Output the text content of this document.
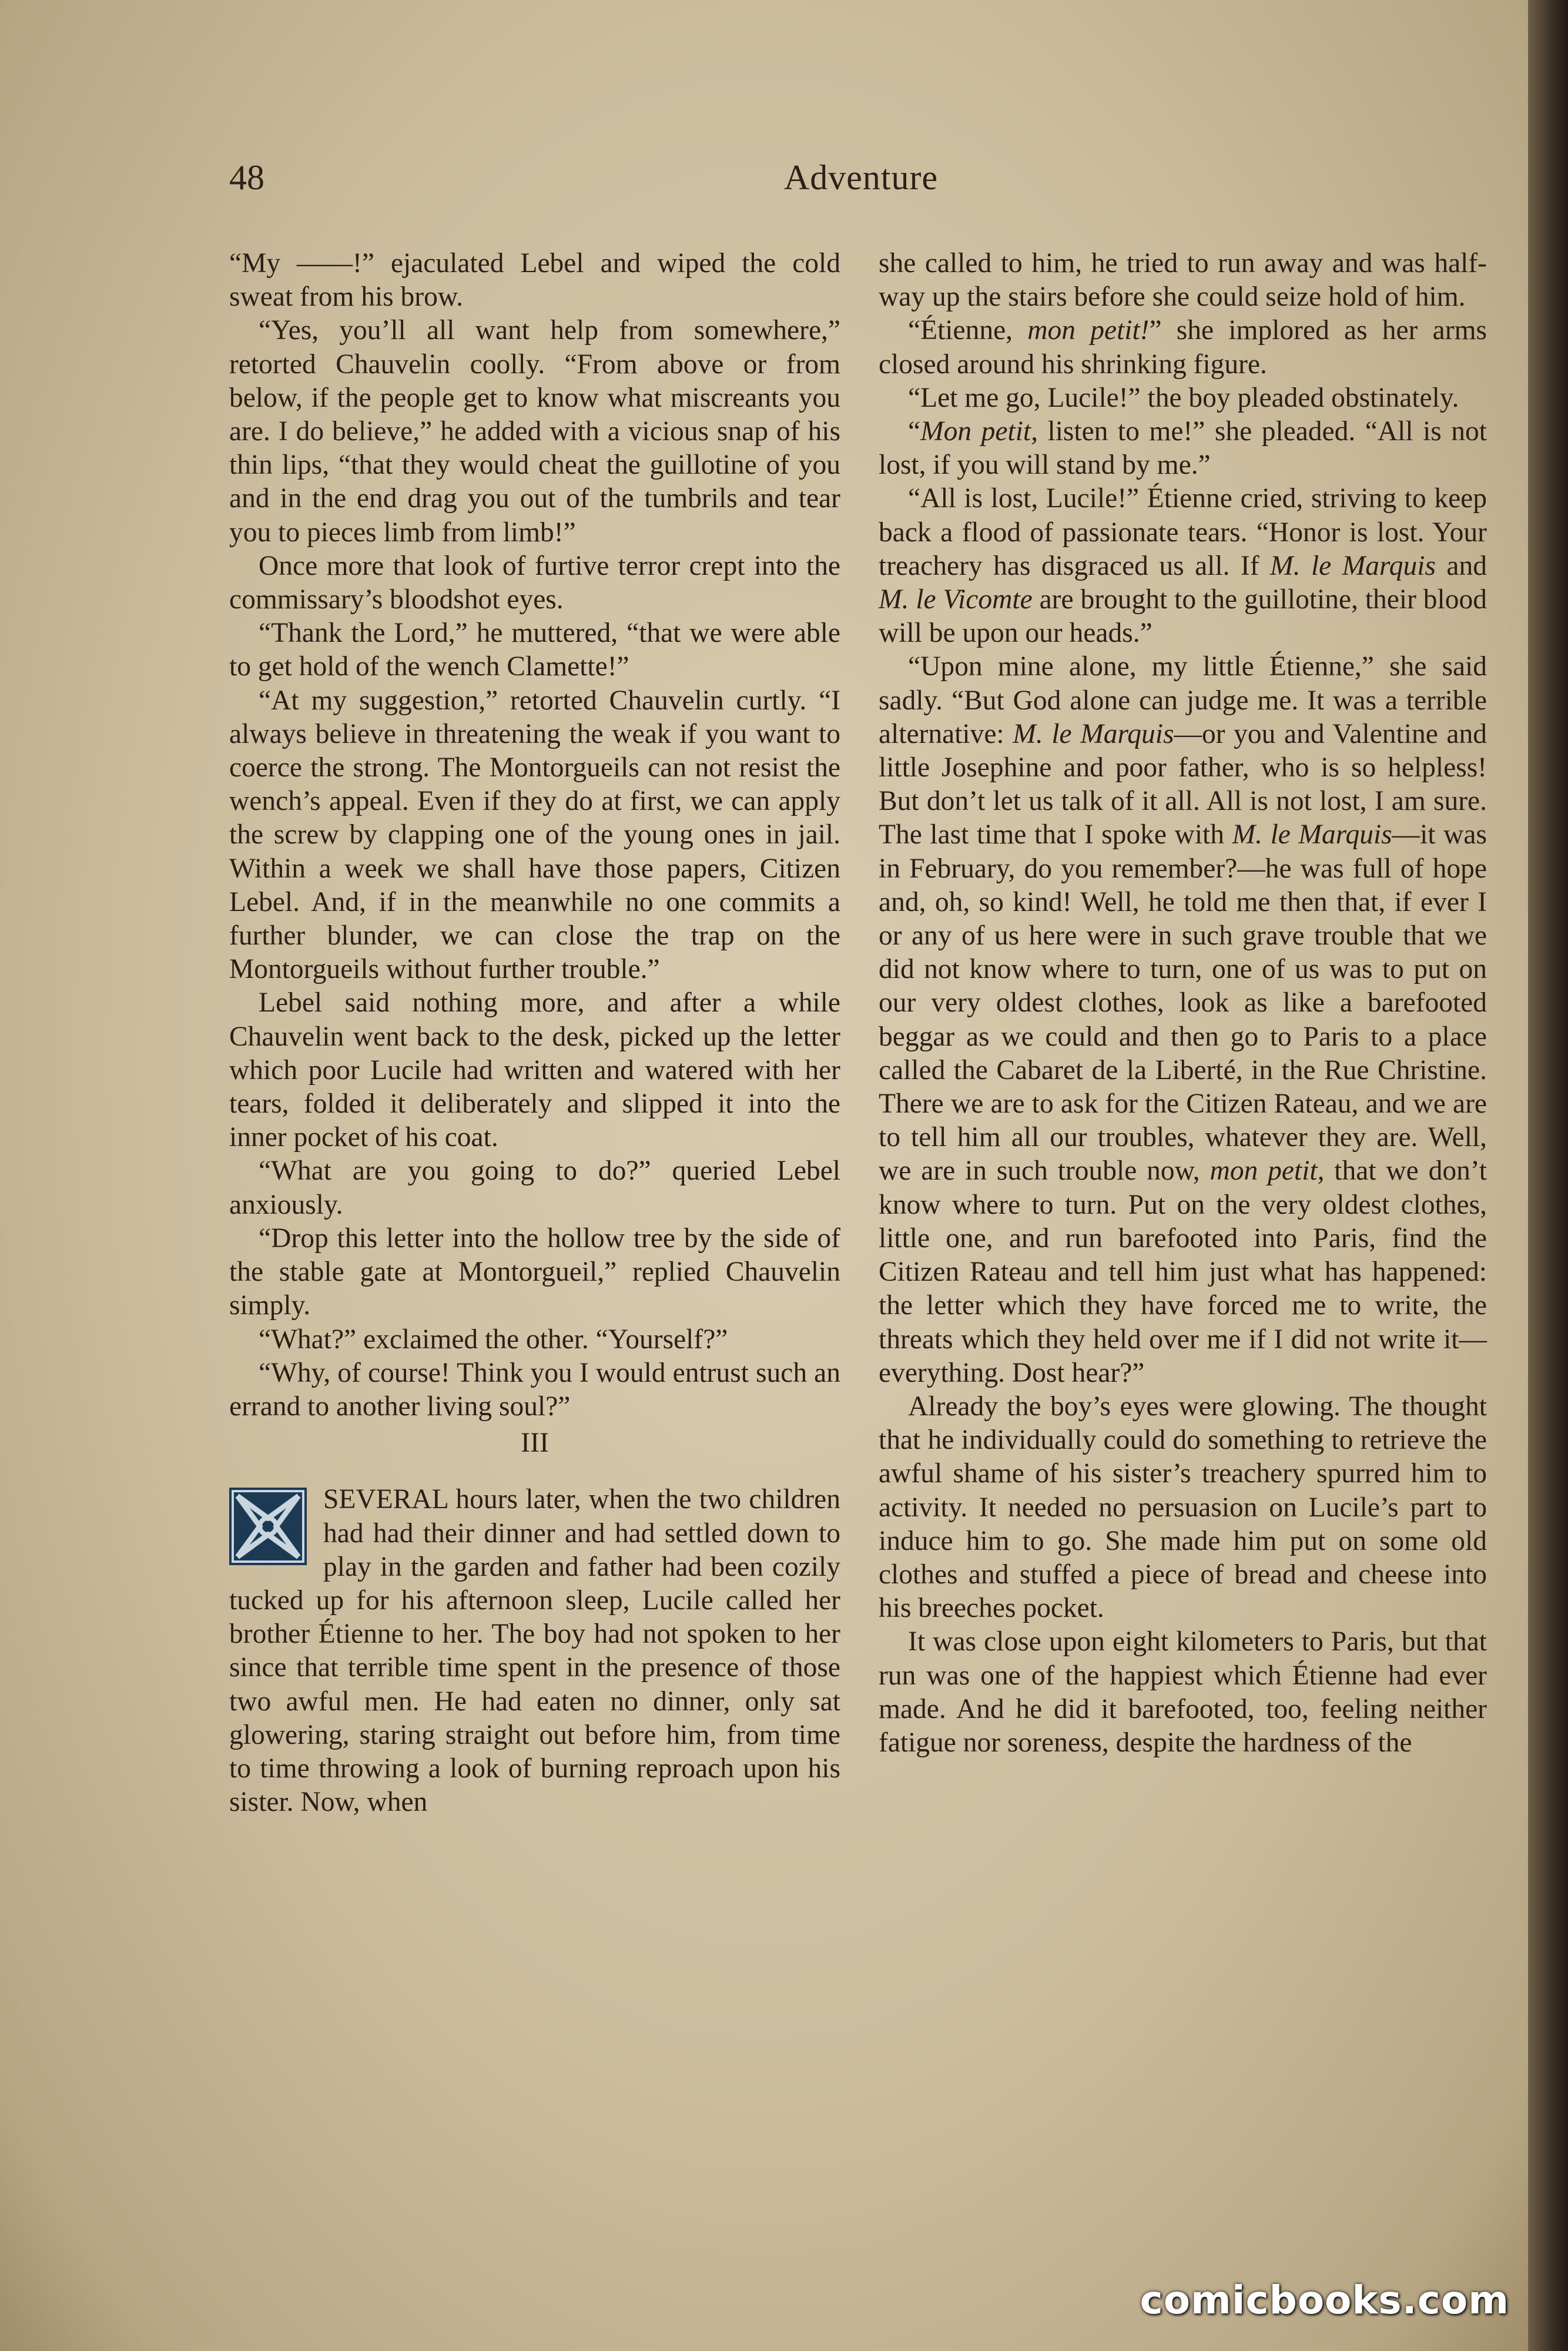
48	Adventure

“My ——!” ejaculated Lebel and wiped the cold sweat from his brow.

“Yes, you’ll all want help from somewhere,” retorted Chauvelin coolly. “From above or from below, if the people get to know what miscreants you are. I do believe,” he added with a vicious snap of his thin lips, “that they would cheat the guillotine of you and in the end drag you out of the tumbrils and tear you to pieces limb from limb!”

Once more that look of furtive terror crept into the commissary’s bloodshot eyes.

“Thank the Lord,” he muttered, “that we were able to get hold of the wench Clamette!”

“At my suggestion,” retorted Chauvelin curtly. “I always believe in threatening the weak if you want to coerce the strong. The Montorgueils can not resist the wench’s appeal. Even if they do at first, we can apply the screw by clapping one of the young ones in jail. Within a week we shall have those papers, Citizen Lebel. And, if in the meanwhile no one commits a further blunder, we can close the trap on the Montorgueils without further trouble.”

Lebel said nothing more, and after a while Chauvelin went back to the desk, picked up the letter which poor Lucile had written and watered with her tears, folded it deliberately and slipped it into the inner pocket of his coat.

“What are you going to do?” queried Lebel anxiously.

“Drop this letter into the hollow tree by the side of the stable gate at Montorgueil,” replied Chauvelin simply.

“What?” exclaimed the other. “Yourself?”

“Why, of course! Think you I would entrust such an errand to another living soul?”

III

SEVERAL hours later, when the two children had had their dinner and had settled down to play in the garden and father had been cozily tucked up for his afternoon sleep, Lucile called her brother Étienne to her. The boy had not spoken to her since that terrible time spent in the presence of those two awful men. He had eaten no dinner, only sat glowering, staring straight out before him, from time to time throwing a look of burning reproach upon his sister. Now, when

she called to him, he tried to run away and was half-way up the stairs before she could seize hold of him.

“Étienne, mon petit!” she implored as her arms closed around his shrinking figure.

“Let me go, Lucile!” the boy pleaded obstinately.

“Mon petit, listen to me!” she pleaded. “All is not lost, if you will stand by me.”

“All is lost, Lucile!” Étienne cried, striving to keep back a flood of passionate tears. “Honor is lost. Your treachery has disgraced us all. If M. le Marquis and M. le Vicomte are brought to the guillotine, their blood will be upon our heads.”

“Upon mine alone, my little Étienne,” she said sadly. “But God alone can judge me. It was a terrible alternative: M. le Marquis—or you and Valentine and little Josephine and poor father, who is so helpless! But don’t let us talk of it all. All is not lost, I am sure. The last time that I spoke with M. le Marquis—it was in February, do you remember?—he was full of hope and, oh, so kind! Well, he told me then that, if ever I or any of us here were in such grave trouble that we did not know where to turn, one of us was to put on our very oldest clothes, look as like a barefooted beggar as we could and then go to Paris to a place called the Cabaret de la Liberté, in the Rue Christine. There we are to ask for the Citizen Rateau, and we are to tell him all our troubles, whatever they are. Well, we are in such trouble now, mon petit, that we don’t know where to turn. Put on the very oldest clothes, little one, and run barefooted into Paris, find the Citizen Rateau and tell him just what has happened: the letter which they have forced me to write, the threats which they held over me if I did not write it—everything. Dost hear?”

Already the boy’s eyes were glowing. The thought that he individually could do something to retrieve the awful shame of his sister’s treachery spurred him to activity. It needed no persuasion on Lucile’s part to induce him to go. She made him put on some old clothes and stuffed a piece of bread and cheese into his breeches pocket.

It was close upon eight kilometers to Paris, but that run was one of the happiest which Étienne had ever made. And he did it barefooted, too, feeling neither fatigue nor soreness, despite the hardness of the

comicbooks.com
